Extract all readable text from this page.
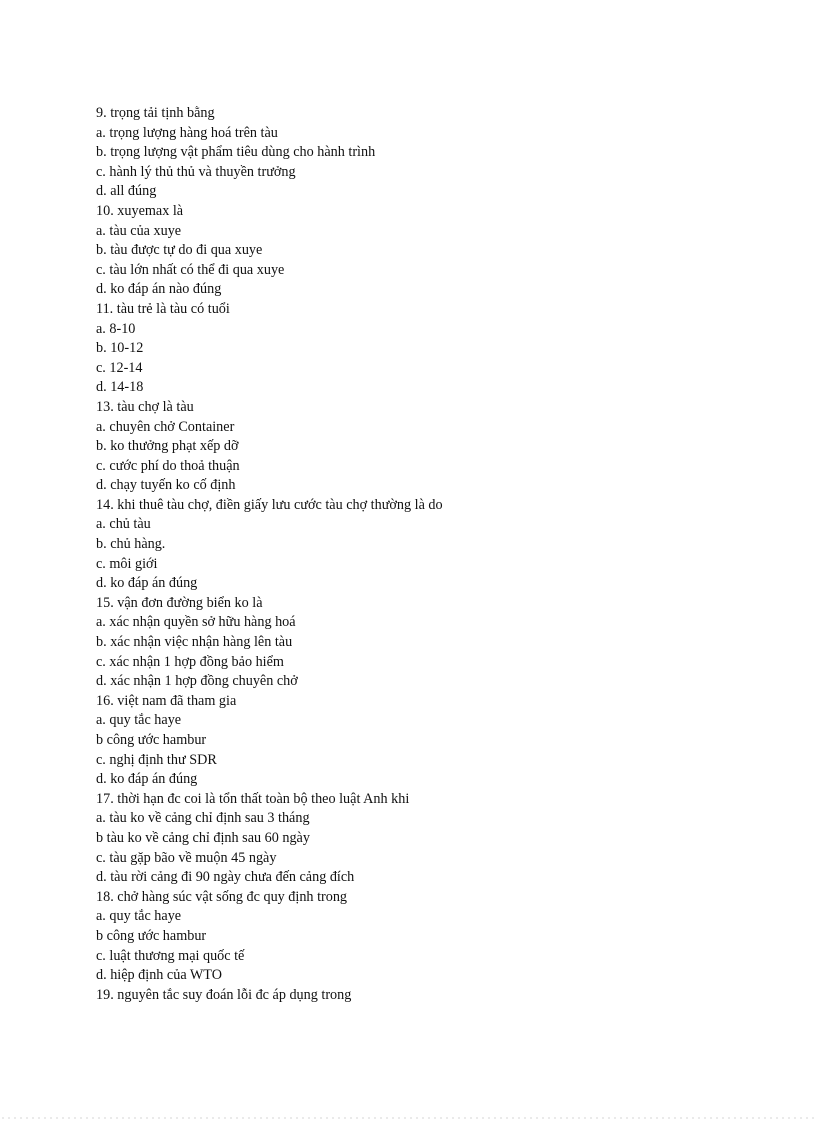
9. trọng tải tịnh bằng
a. trọng lượng hàng hoá trên tàu
b. trọng lượng vật phẩm tiêu dùng cho hành trình
c. hành lý thủ thủ và thuyền trưởng
d. all đúng
10. xuyemax là
a. tàu của xuye
b. tàu được tự do đi qua xuye
c. tàu lớn nhất có thể đi qua xuye
d. ko đáp án nào đúng
11. tàu trẻ là tàu có tuổi
a. 8-10
b. 10-12
c. 12-14
d. 14-18
13. tàu chợ là tàu
a. chuyên chở Container
b. ko thưởng phạt xếp dỡ
c. cước phí do thoả thuận
d. chạy tuyến ko cố định
14. khi thuê tàu chợ, điền giấy lưu cước tàu chợ thường là do
a. chủ tàu
b. chủ hàng.
c. môi giới
d. ko đáp án đúng
15. vận đơn đường biển ko là
a. xác nhận quyền sở hữu hàng hoá
b. xác nhận việc nhận hàng lên tàu
c. xác nhận 1 hợp đồng bảo hiểm
d. xác nhận 1 hợp đồng chuyên chở
16. việt nam đã tham gia
a. quy tắc haye
b công ước hambur
c. nghị định thư SDR
d. ko đáp án đúng
17. thời hạn đc coi là tổn thất toàn bộ theo luật Anh khi
a. tàu ko về cảng chỉ định sau 3 tháng
b tàu ko về cảng chỉ định sau 60 ngày
c. tàu gặp bão về muộn 45 ngày
d. tàu rời cảng đi 90 ngày chưa đến cảng đích
18. chở hàng súc vật sống đc quy định trong
a. quy tắc haye
b công ước hambur
c. luật thương mại quốc tế
d. hiệp định của WTO
19. nguyên tắc suy đoán lỗi đc áp dụng trong
